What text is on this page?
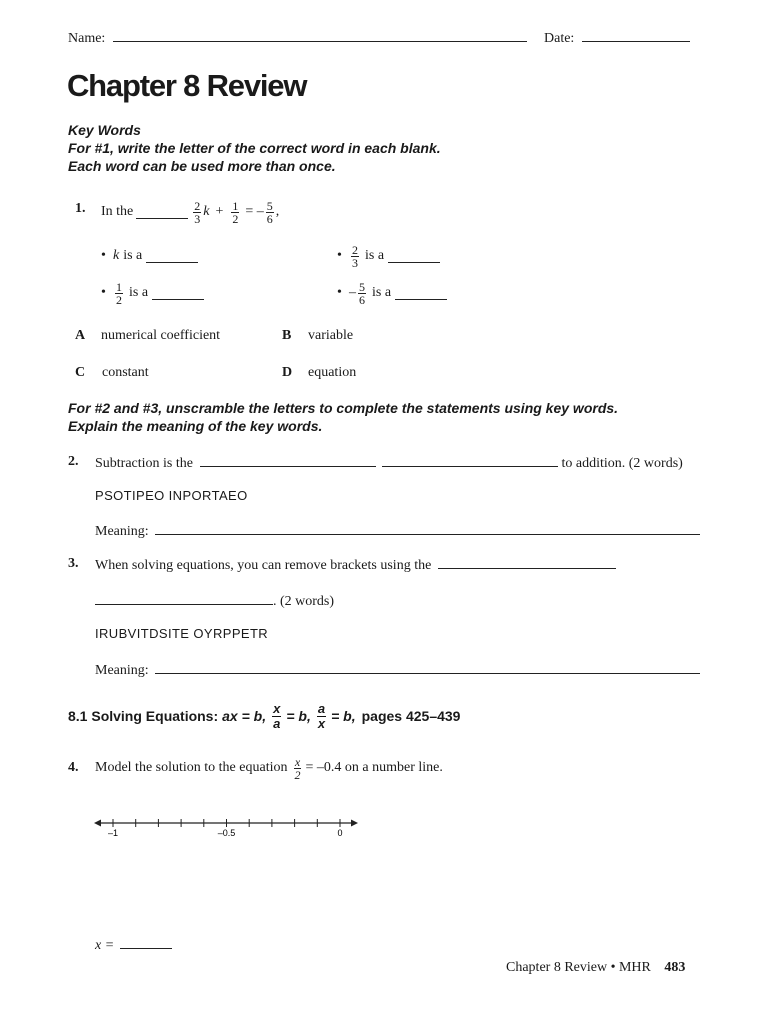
Name:	Date:
Chapter 8 Review
Key Words
For #1, write the letter of the correct word in each blank.
Each word can be used more than once.
1. In the	$\frac{2}{3}$ $k + \frac{1}{2}$ = – $\frac{5}{6}$ ,
• k is a	• $\frac{2}{3}$ is a
• $\frac{1}{2}$ is a	• – $\frac{5}{6}$ is a
A numerical coefficient	B variable
C constant	D equation
For #2 and #3, unscramble the letters to complete the statements using key words.
Explain the meaning of the key words.
2. Subtraction is the	to addition. (2 words)
PSOTIPEO INPORTAEO
Meaning:
3. When solving equations, you can remove brackets using the
. (2 words)
IRUBVITDSITE OYRPPETR
Meaning:
8.1 Solving Equations: ax = b, $\frac{x}{a} = b$, $\frac{a}{x} = b$, pages 425–439
4. Model the solution to the equation $\frac{x}{2} = -0.4$ on a number line.
–1	–0.5	0
x =
Chapter 8 Review • MHR 483
